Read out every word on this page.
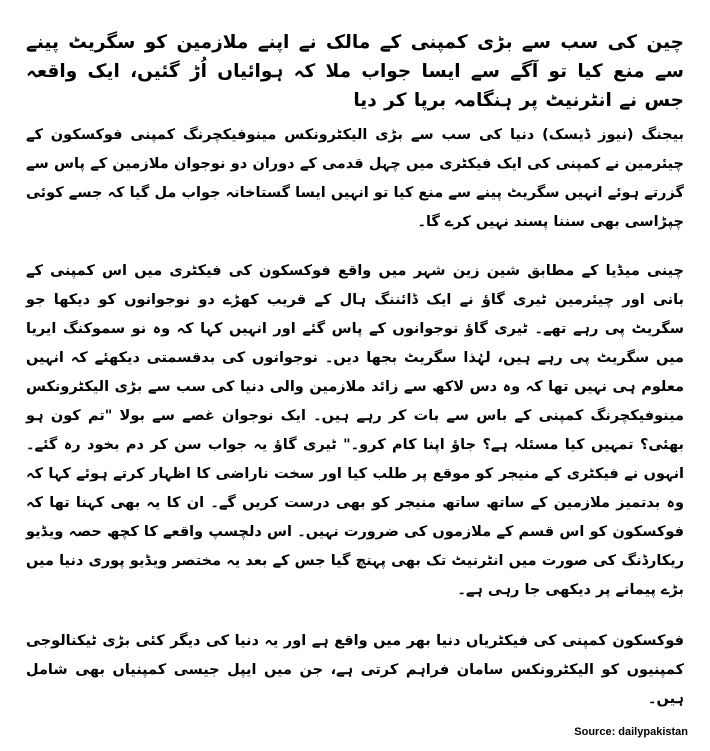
چین کی سب سے بڑی کمپنی کے مالک نے اپنے ملازمین کو سگریٹ پینے سے منع کیا تو آگے سے ایسا جواب ملا کہ ہوائیاں اُڑ گئیں، ایک واقعہ جس نے انٹرنیٹ پر ہنگامہ برپا کر دیا
بیجنگ (نیوز ڈیسک) دنیا کی سب سے بڑی الیکٹرونکس مینوفیکچرنگ کمپنی فوکسکون کے چیئرمین نے کمپنی کی ایک فیکٹری میں چہل قدمی کے دوران دو نوجوان ملازمین کے پاس سے گزرتے ہوئے انہیں سگریٹ پینے سے منع کیا تو انہیں ایسا گستاخانہ جواب مل گیا کہ جسے کوئی چپڑاسی بھی سننا پسند نہیں کرے گا۔
چینی میڈیا کے مطابق شین زین شہر میں واقع فوکسکون کی فیکٹری میں اس کمپنی کے بانی اور چیئرمین ٹیری گاؤ نے ایک ڈائننگ ہال کے قریب کھڑے دو نوجوانوں کو دیکھا جو سگریٹ پی رہے تھے۔ ٹیری گاؤ نوجوانوں کے پاس گئے اور انہیں کہا کہ وہ نو سموکنگ ایریا میں سگریٹ پی رہے ہیں، لہٰذا سگریٹ بجھا دیں۔ نوجوانوں کی بدقسمتی دیکھئے کہ انہیں معلوم ہی نہیں تھا کہ وہ دس لاکھ سے زائد ملازمین والی دنیا کی سب سے بڑی الیکٹرونکس مینوفیکچرنگ کمپنی کے باس سے بات کر رہے ہیں۔ ایک نوجوان غصے سے بولا "تم کون ہو بھئی؟ تمہیں کیا مسئلہ ہے؟ جاؤ اپنا کام کرو۔" ٹیری گاؤ یہ جواب سن کر دم بخود رہ گئے۔ انہوں نے فیکٹری کے منیجر کو موقع پر طلب کیا اور سخت ناراضی کا اظہار کرتے ہوئے کہا کہ وہ بدتمیز ملازمین کے ساتھ ساتھ منیجر کو بھی درست کریں گے۔ ان کا یہ بھی کہنا تھا کہ فوکسکون کو اس قسم کے ملازموں کی ضرورت نہیں۔ اس دلچسپ واقعے کا کچھ حصہ ویڈیو ریکارڈنگ کی صورت میں انٹرنیٹ تک بھی پہنچ گیا جس کے بعد یہ مختصر ویڈیو پوری دنیا میں بڑے پیمانے پر دیکھی جا رہی ہے۔
فوکسکون کمپنی کی فیکٹریاں دنیا بھر میں واقع ہے اور یہ دنیا کی دیگر کئی بڑی ٹیکنالوجی کمپنیوں کو الیکٹرونکس سامان فراہم کرتی ہے، جن میں ایپل جیسی کمپنیاں بھی شامل ہیں۔
Source: dailypakistan
